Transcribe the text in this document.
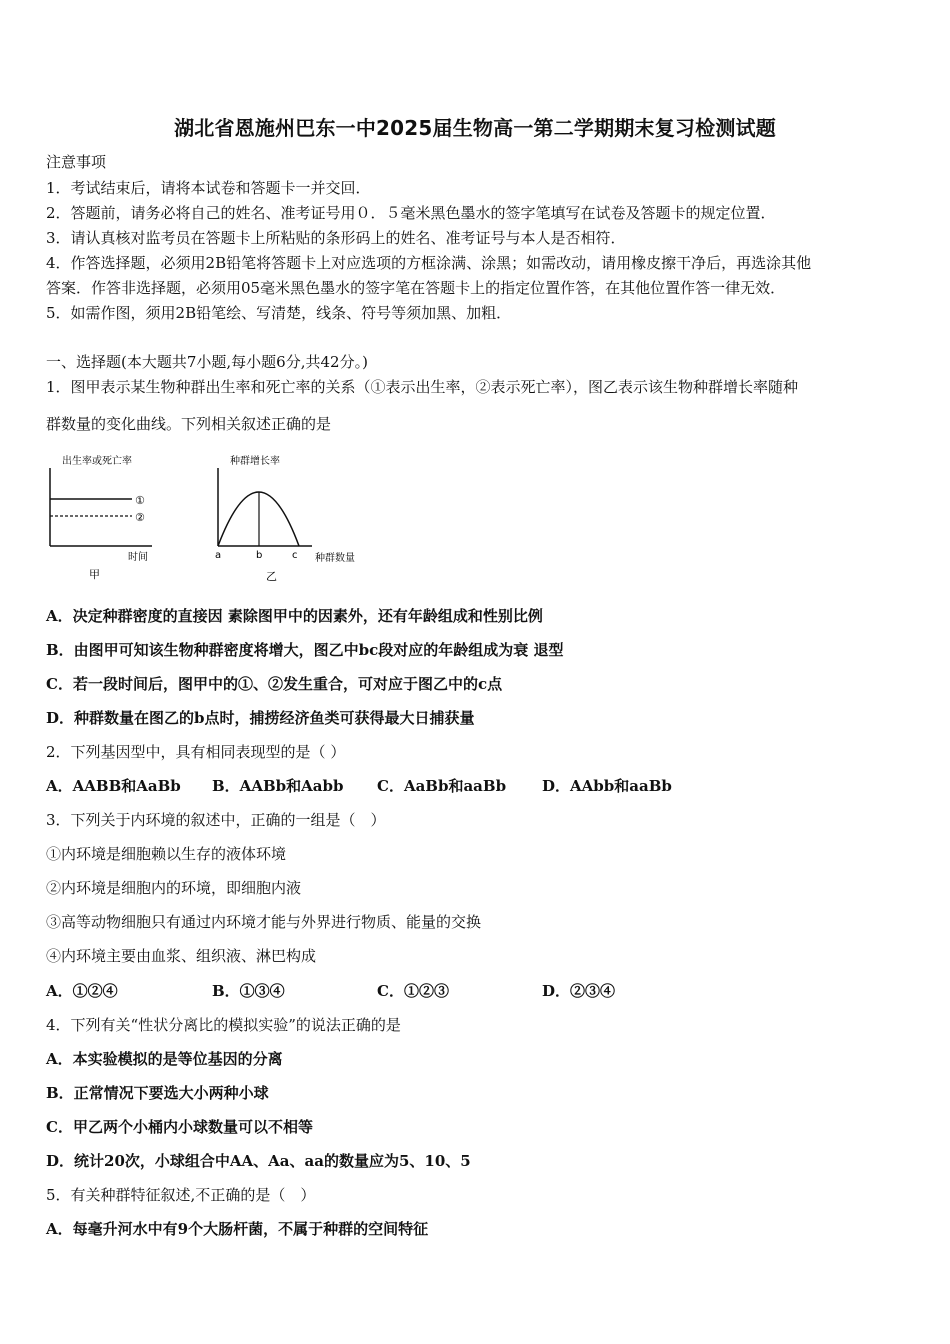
湖北省恩施州巴东一中2025届生物高一第二学期期末复习检测试题
注意事项
1．考试结束后，请将本试卷和答题卡一并交回．
2．答题前，请务必将自己的姓名、准考证号用０．５毫米黑色墨水的签字笔填写在试卷及答题卡的规定位置．
3．请认真核对监考员在答题卡上所粘贴的条形码上的姓名、准考证号与本人是否相符．
4．作答选择题，必须用2B铅笔将答题卡上对应选项的方框涂满、涂黑；如需改动，请用橡皮擦干净后，再选涂其他
答案．作答非选择题，必须用05毫米黑色墨水的签字笔在答题卡上的指定位置作答，在其他位置作答一律无效．
5．如需作图，须用2B铅笔绘、写清楚，线条、符号等须加黑、加粗．
一、选择题(本大题共7小题,每小题6分,共42分。)
1．图甲表示某生物种群出生率和死亡率的关系（①表示出生率，②表示死亡率），图乙表示该生物种群增长率随种
群数量的变化曲线。下列相关叙述正确的是
出生率或死亡率
①
②
时间
甲
种群增长率
a	b	c 种群数量
乙
A．决定种群密度的直接因 素除图甲中的因素外，还有年龄组成和性别比例
B．由图甲可知该生物种群密度将增大，图乙中bc段对应的年龄组成为衰 退型
C．若一段时间后，图甲中的①、②发生重合，可对应于图乙中的c点
D．种群数量在图乙的b点时，捕捞经济鱼类可获得最大日捕获量
2．下列基因型中，具有相同表现型的是（ ）
A．AABB和AaBb B．AABb和Aabb C．AaBb和aaBb D．AAbb和aaBb
3．下列关于内环境的叙述中，正确的一组是（　）
①内环境是细胞赖以生存的液体环境
②内环境是细胞内的环境，即细胞内液
③高等动物细胞只有通过内环境才能与外界进行物质、能量的交换
④内环境主要由血浆、组织液、淋巴构成
A．①②④	B．①③④	C．①②③	D．②③④
4．下列有关“性状分离比的模拟实验”的说法正确的是
A．本实验模拟的是等位基因的分离
B．正常情况下要选大小两种小球
C．甲乙两个小桶内小球数量可以不相等
D．统计20次，小球组合中AA、Aa、aa的数量应为5、10、5
5．有关种群特征叙述,不正确的是（　）
A．每毫升河水中有9个大肠杆菌，不属于种群的空间特征
